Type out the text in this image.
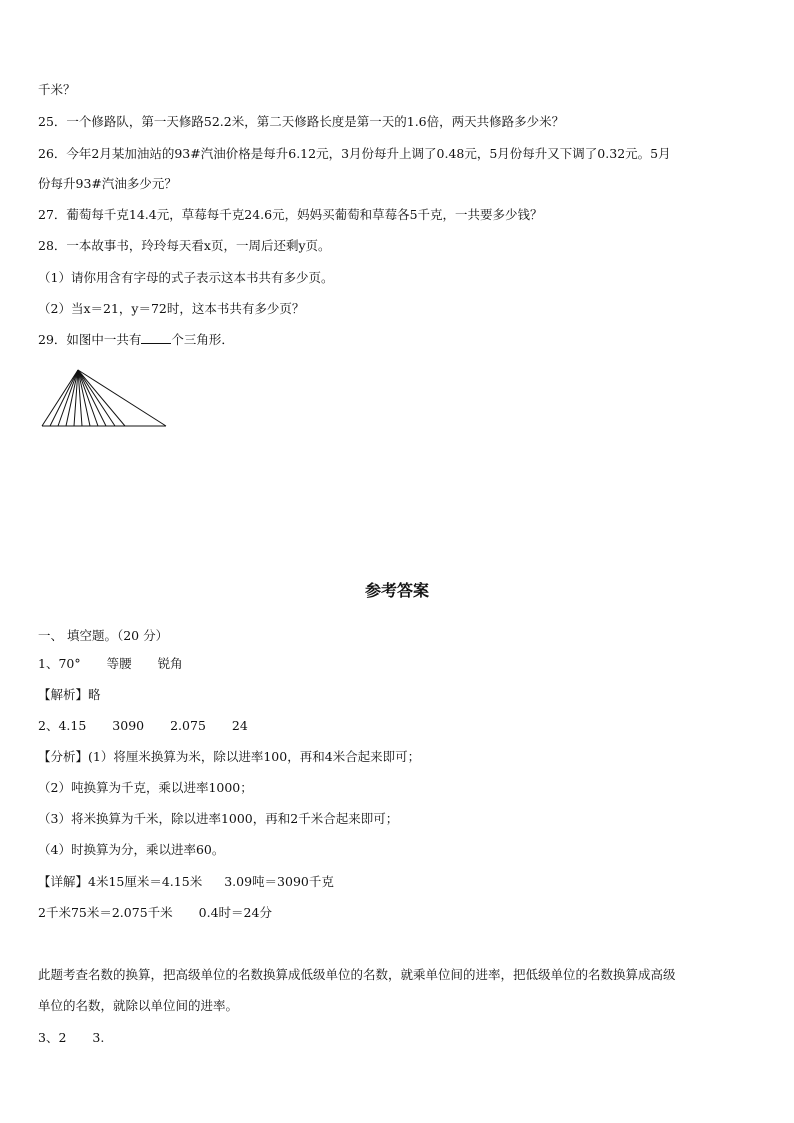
千米？
25．一个修路队，第一天修路52.2米，第二天修路长度是第一天的1.6倍，两天共修路多少米？
26．今年2月某加油站的93#汽油价格是每升6.12元，3月份每升上调了0.48元，5月份每升又下调了0.32元。5月
份每升93#汽油多少元？
27．葡萄每千克14.4元，草莓每千克24.6元，妈妈买葡萄和草莓各5千克，一共要多少钱？
28．一本故事书，玲玲每天看x页，一周后还剩y页。
（1）请你用含有字母的式子表示这本书共有多少页。
（2）当x＝21，y＝72时，这本书共有多少页？
29．如图中一共有 个三角形．
参考答案
一、 填空题。（20 分）
1、70° 等腰 锐角
【解析】略
2、4.15 3090 2.075 24
【分析】(1）将厘米换算为米，除以进率100，再和4米合起来即可；
（2）吨换算为千克，乘以进率1000；
（3）将米换算为千米，除以进率1000，再和2千米合起来即可；
（4）时换算为分，乘以进率60。
【详解】4米15厘米＝4.15米 3.09吨＝3090千克
2千米75米＝2.075千米 0.4时＝24分
此题考查名数的换算，把高级单位的名数换算成低级单位的名数，就乘单位间的进率，把低级单位的名数换算成高级
单位的名数，就除以单位间的进率。
3、2 3.
